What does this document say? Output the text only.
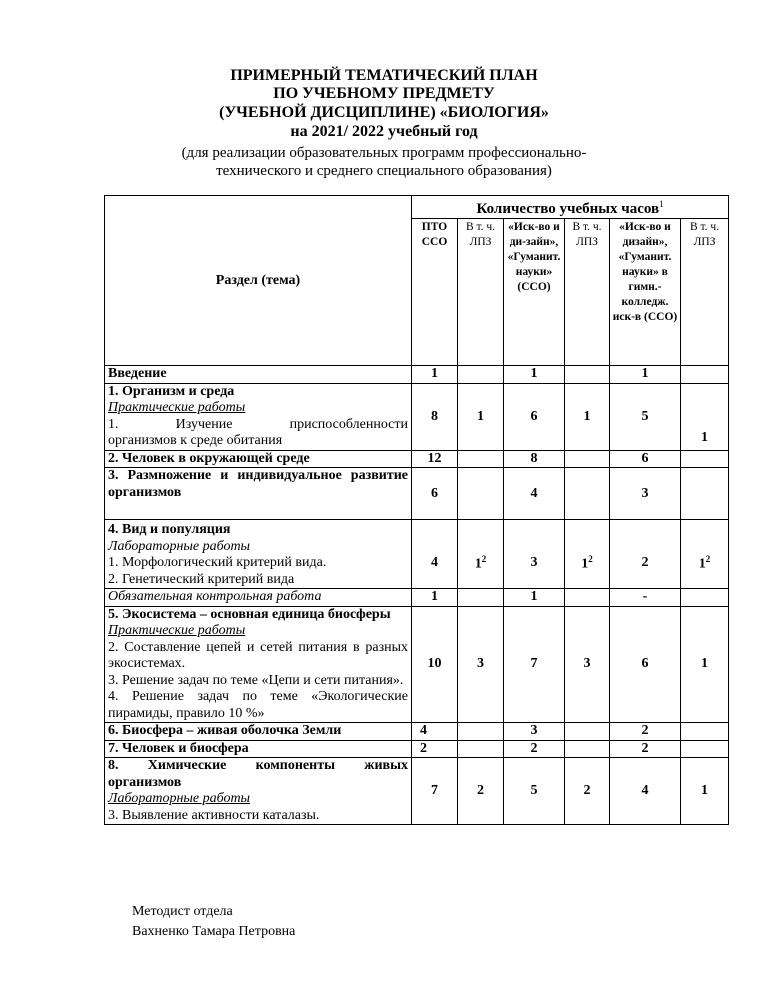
ПРИМЕРНЫЙ ТЕМАТИЧЕСКИЙ ПЛАН
ПО УЧЕБНОМУ ПРЕДМЕТУ
(УЧЕБНОЙ ДИСЦИПЛИНЕ) «БИОЛОГИЯ»
на 2021/ 2022 учебный год
(для реализации образовательных программ профессионально-
технического и среднего специального образования)
Раздел (тема)	Количество учебных часов$^1$
	ПТО ССО	В т. ч. ЛПЗ	«Иск-во и ди-зайн», «Гуманит. науки» (ССО)	В т. ч. ЛПЗ	«Иск-во и дизайн», «Гуманит. науки» в гимн.-колледж. иск-в (ССО)	В т. ч. ЛПЗ
Введение	1		1		1	

1. Организм и среда
Практические работы
1. Изучение приспособленности
организмов к среде обитания	8	1	6	1	5	1
2. Человек в окружающей среде	12		8		6	
3. Размножение и индивидуальное развитие организмов	6		4		3	

4. Вид и популяция
Лабораторные работы
1. Морфологический критерий вида.
2. Генетический критерий вида	4	$1^2$	3	$1^2$	2	$1^2$
Обязательная контрольная работа	1		1		-	

5. Экосистема – основная единица биосферы
Практические работы
2. Составление цепей и сетей питания в разных экосистемах.
3. Решение задач по теме «Цепи и сети питания».
4. Решение задач по теме «Экологические пирамиды, правило 10 %»	10	3	7	3	6	1
6. Биосфера – живая оболочка Земли	4		3		2	
7. Человек и биосфера	2		2		2	

8. Химические компоненты живых
организмов
Лабораторные работы
3. Выявление активности каталазы.	7	2	5	2	4	1
Методист отдела
Вахненко Тамара Петровна
